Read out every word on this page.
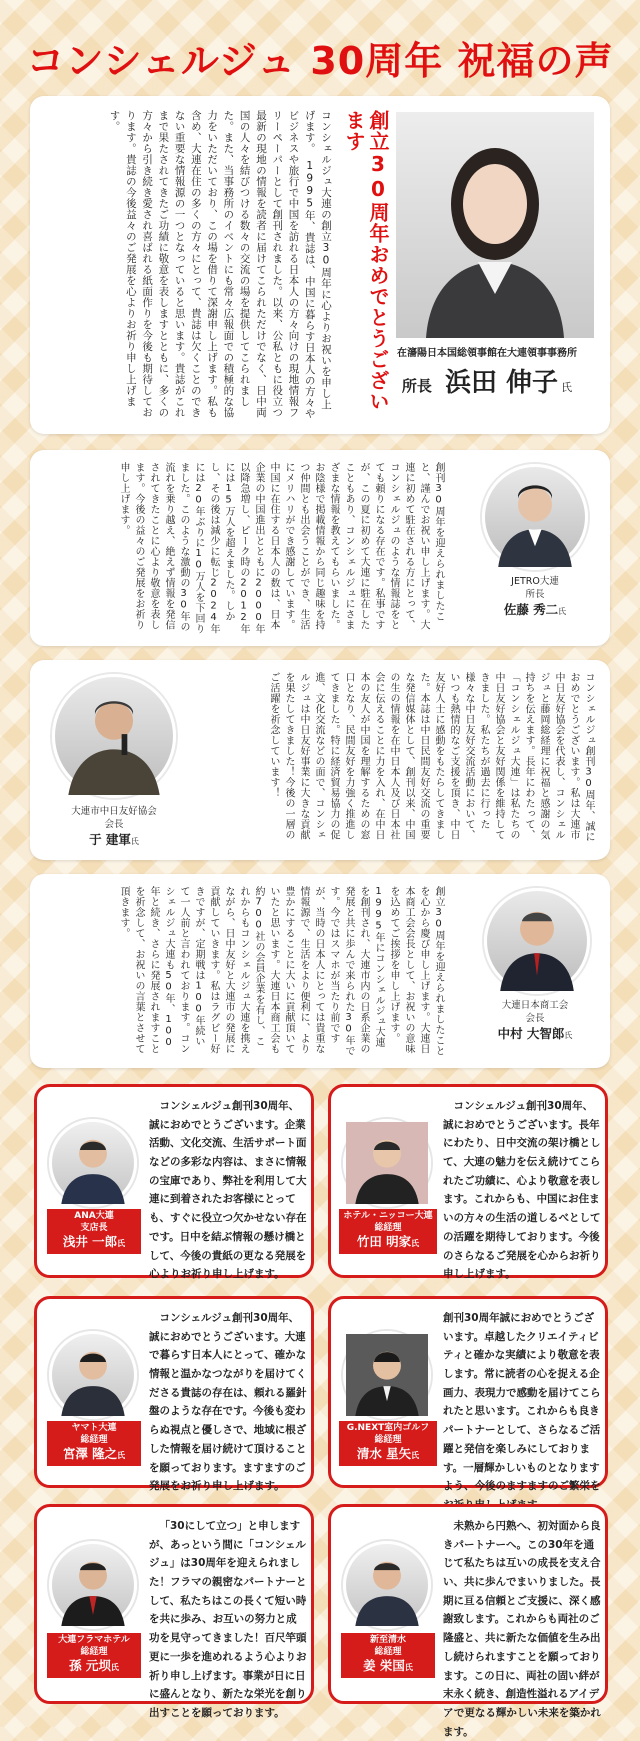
コンシェルジュ 30周年 祝福の声
コンシェルジュ大連の創立30周年に心よりお祝いを申し上げます。　1995年、貴誌は、中国に暮らす日本人の方々やビジネスや旅行で中国を訪れる日本人の方々向けの現地情報フリーペーパーとして創刊されました。以来、公私ともに役立つ最新の現地の情報を読者に届けてこられただけでなく、日中両国の人々を結びつける数々の交流の場を提供してこられました。また、当事務所のイベントにも常々広報面での積極的な協力をいただいており、この場を借りて深謝申し上げます。私も含め、大連在住の多くの方々にとって、貴誌は欠くことのできない重要な情報源の一つとなっていると思います。貴誌がこれまで果たされてきたご功績に敬意を表しますとともに、多くの方々から引き続き愛され喜ばれる紙面作りを今後も期待しております。貴誌の今後益々のご発展を心よりお祈り申し上げます。	創立30周年おめでとうございます
在瀋陽日本国総領事館在大連領事事務所
所長 浜田 伸子 氏
創刊30周年を迎えられましたこと、謹んでお祝い申し上げます。大連に初めて駐在される方にとって、コンシェルジュのような情報誌をとても頼りになる存在です。私事ですが、この夏に初めて大連に駐在したこともあり、コンシェルジュにさまざまな情報を教えてもらいました。お陰様で掲載情報から同じ趣味を持つ仲間とも出会うことができ、生活にメリハリができ感謝しています。中国に在住する日本人の数は、日本企業の中国進出とともに2000年以降急増し、ピーク時の2012年には15万人を超えました。しかし、その後は減少に転じ2024年には20年ぶりに10万人を下回りました。このような激動の30年の流れを乗り越え、絶えず情報を発信されてきたことに心より敬意を表します。今後の益々のご発展をお祈り申し上げます。
JETRO大連
所長
佐藤 秀二氏
大連市中日友好協会
会長
于 建軍氏	コンシェルジュ創刊30周年、誠におめでとうございます。私は大連市中日友好協会を代表し、コンシェルジュと藤岡総経理に祝福と感謝の気持ちを伝えます。長年にわたって、「コンシェルジュ大連」は私たちの中日友好協会と友好関係を維持してきました。私たちが過去に行った様々な中日友好交流活動において、いつも熱情的なご支援を頂き、中日友好人士に感動をもたらしてきました。本誌は中日民間友好交流の重要な発信媒体として、創刊以来、中国の生の情報を在中日本人及び日本社会に伝えることに力を入れ、在中日本の友人が中国を理解するための窓口となり、民間友好を力強く推進してきました。特に経済貿易協力の促進、文化交流などの面で、コンシェルジュは中日友好事業に大きな貢献を果たしてきました！今後の一層のご活躍を祈念しています！
創立30周年を迎えられましたことを心から慶び申し上げます。大連日本商工会会長として、お祝いの意味を込めてご挨拶を申し上げます。1995年にコンシェルジュ大連を創刊され、大連市内の日系企業の発展と共に歩んで来られた30年です。今ではスマホが当たり前ですが、当時の日本人にとっては貴重な情報源で、生活をより便利に、より豊かにすることに大いに貢献頂いていたと思います。大連日本商工会も約700社の会員企業を有し、これからもコンシェルジュ大連を携えながら、日中友好と大連市の発展に貢献していきます。私はラグビー好きですが、定期戦は100年続いて一人前と言われております。コンシェルジュ大連も50年、100年と続き、さらに発展されますことを祈念して、お祝いの言葉とさせて頂きます。
大連日本商工会
会長
中村 大智郎氏
ANA大連
支店長
浅井 一郎氏
コンシェルジュ創刊30周年、誠におめでとうございます。企業活動、文化交流、生活サポート面などの多彩な内容は、まさに情報の宝庫であり、弊社を利用して大連に到着されたお客様にとっても、すぐに役立つ欠かせない存在です。日中を結ぶ情報の懸け橋として、今後の貴紙の更なる発展を心よりお祈り申し上げます。
ホテル・ニッコー大連
総経理
竹田 明家氏
コンシェルジュ創刊30周年、誠におめでとうございます。長年にわたり、日中交流の架け橋として、大連の魅力を伝え続けてこられたご功績に、心より敬意を表します。これからも、中国にお住まいの方々の生活の道しるべとしての活躍を期待しております。今後のさらなるご発展を心からお祈り申し上げます。
ヤマト大連
総経理
宮澤 隆之氏
コンシェルジュ創刊30周年、誠におめでとうございます。大連で暮らす日本人にとって、確かな情報と温かなつながりを届けてくださる貴誌の存在は、頼れる羅針盤のような存在です。今後も変わらぬ視点と優しさで、地域に根ざした情報を届け続けて頂けることを願っております。ますますのご発展をお祈り申し上げます。
G.NEXT室内ゴルフ
総経理
清水 星矢氏
創刊30周年誠におめでとうございます。卓越したクリエイティビティと確かな実績により敬意を表します。常に読者の心を捉える企画力、表現力で感動を届けてこられたと思います。これからも良きパートナーとして、さらなるご活躍と発信を楽しみにしております。一層輝かしいものとなりますよう、今後のますますのご繁栄を
大連フラマホテル
総経理
孫 元坝氏
「30にして立つ」と申しますが、あっという間に「コンシェルジュ」は30周年を迎えられました！フラマの親密なパートナーとして、私たちはこの長くて短い時を共に歩み、お互いの努力と成功を見守ってきました！百尺竿頭更に一歩を進めれるよう心よりお祈り申し上げます。事業が日に日に盛んとなり、新たな栄光を創り出すことを願っております。
新至清水
総経理
姜 栄国氏
未熟から円熟へ、初対面から良きパートナーへ。この30年を通じて私たちは互いの成長を支え合い、共に歩んでまいりました。長期に亘る信頼とご支援に、深く感謝致します。これからも両社のご隆盛と、共に新たな価値を生み出し続けられますことを願っております。この日に、両社の固い絆が末永く続き、創造性溢れるアイデアで更なる輝かしい未来を築かれます。
